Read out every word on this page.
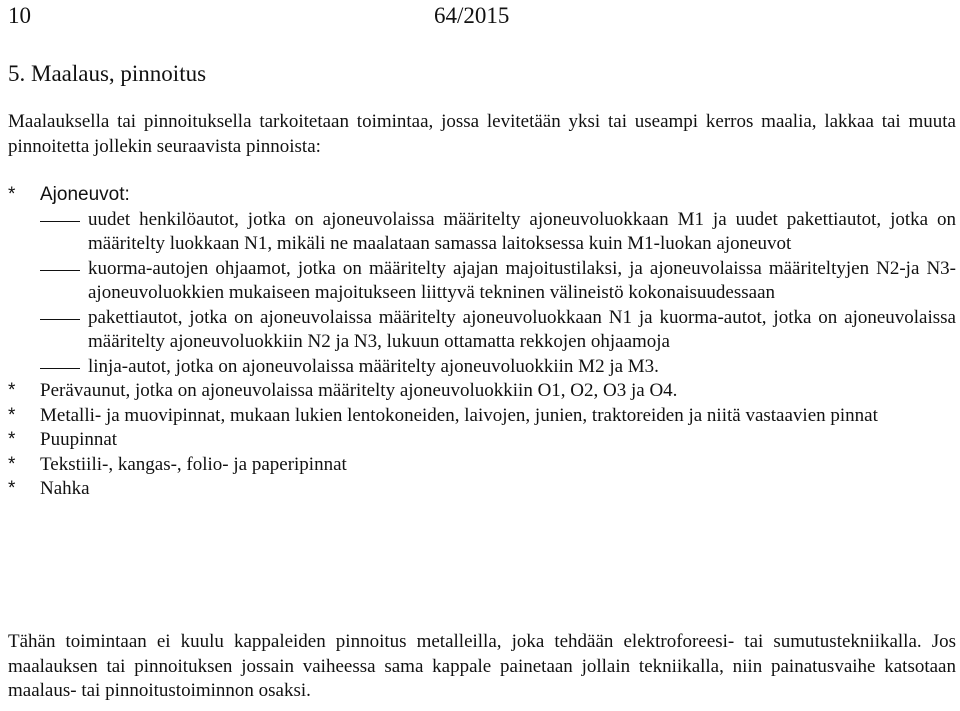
10	64/2015
5. Maalaus, pinnoitus
Maalauksella tai pinnoituksella tarkoitetaan toimintaa, jossa levitetään yksi tai useampi kerros maalia, lakkaa tai muuta pinnoitetta jollekin seuraavista pinnoista:
*	Ajoneuvot:
uudet henkilöautot, jotka on ajoneuvolaissa määritelty ajoneuvoluokkaan M1 ja uudet pakettiautot, jotka on määritelty luokkaan N1, mikäli ne maalataan samassa laitoksessa kuin M1-luokan ajoneuvot
kuorma-autojen ohjaamot, jotka on määritelty ajajan majoitustilaksi, ja ajoneuvolaissa määriteltyjen N2-ja N3-ajoneuvoluokkien mukaiseen majoitukseen liittyvä tekninen välineistö kokonaisuudessaan
pakettiautot, jotka on ajoneuvolaissa määritelty ajoneuvoluokkaan N1 ja kuorma-autot, jotka on ajoneuvolaissa määritelty ajoneuvoluokkiin N2 ja N3, lukuun ottamatta rekkojen ohjaamoja
linja-autot, jotka on ajoneuvolaissa määritelty ajoneuvoluokkiin M2 ja M3.
*	Perävaunut, jotka on ajoneuvolaissa määritelty ajoneuvoluokkiin O1, O2, O3 ja O4.
*	Metalli- ja muovipinnat, mukaan lukien lentokoneiden, laivojen, junien, traktoreiden ja niitä vastaavien pinnat
*	Puupinnat
*	Tekstiili-, kangas-, folio- ja paperipinnat
*	Nahka
Tähän toimintaan ei kuulu kappaleiden pinnoitus metalleilla, joka tehdään elektroforeesi- tai sumutustekniikalla. Jos maalauksen tai pinnoituksen jossain vaiheessa sama kappale painetaan jollain tekniikalla, niin painatusvaihe katsotaan maalaus- tai pinnoitustoiminnon osaksi.
